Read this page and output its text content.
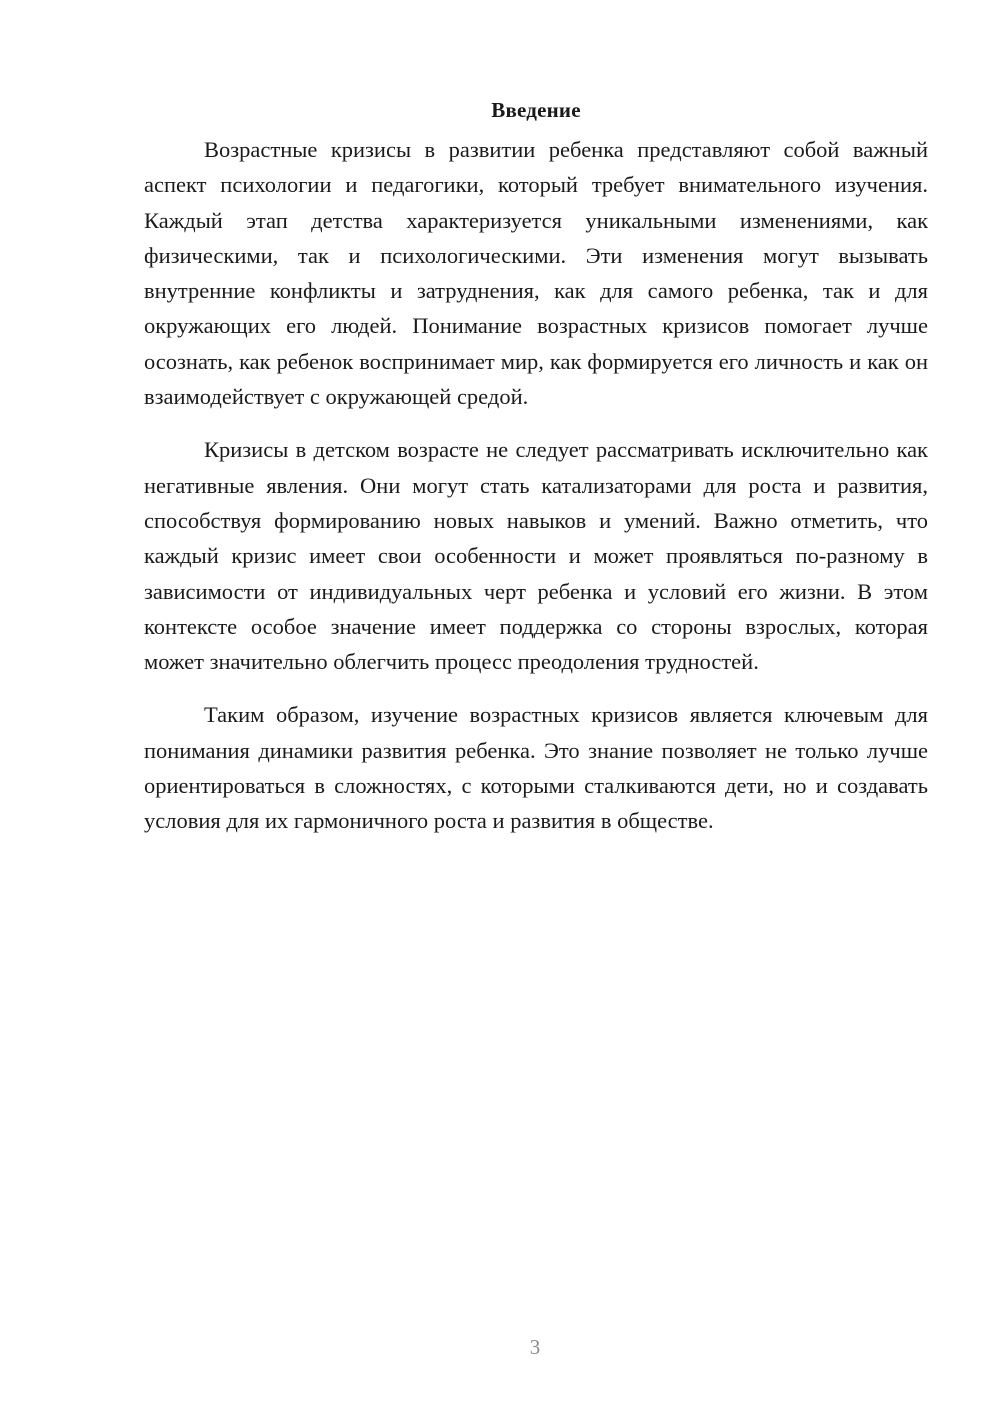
Введение

Возрастные кризисы в развитии ребенка представляют собой важный аспект психологии и педагогики, который требует внимательного изучения. Каждый этап детства характеризуется уникальными изменениями, как физическими, так и психологическими. Эти изменения могут вызывать внутренние конфликты и затруднения, как для самого ребенка, так и для окружающих его людей. Понимание возрастных кризисов помогает лучше осознать, как ребенок воспринимает мир, как формируется его личность и как он взаимодействует с окружающей средой.

Кризисы в детском возрасте не следует рассматривать исключительно как негативные явления. Они могут стать катализаторами для роста и развития, способствуя формированию новых навыков и умений. Важно отметить, что каждый кризис имеет свои особенности и может проявляться по-разному в зависимости от индивидуальных черт ребенка и условий его жизни. В этом контексте особое значение имеет поддержка со стороны взрослых, которая может значительно облегчить процесс преодоления трудностей.

Таким образом, изучение возрастных кризисов является ключевым для понимания динамики развития ребенка. Это знание позволяет не только лучше ориентироваться в сложностях, с которыми сталкиваются дети, но и создавать условия для их гармоничного роста и развития в обществе.

3
